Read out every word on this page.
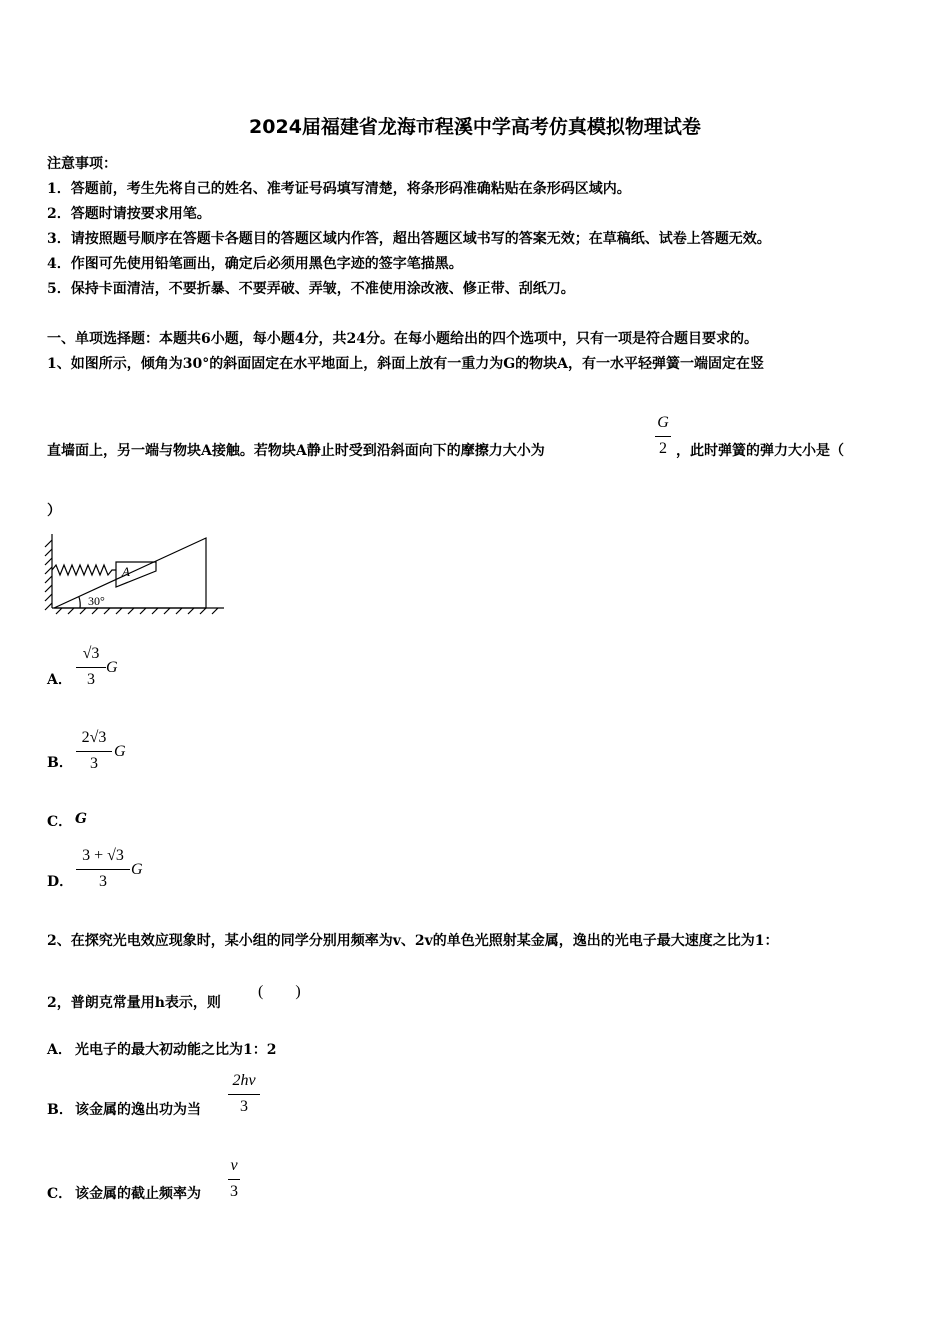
2024届福建省龙海市程溪中学高考仿真模拟物理试卷
注意事项：
1．答题前，考生先将自己的姓名、准考证号码填写清楚，将条形码准确粘贴在条形码区域内。
2．答题时请按要求用笔。
3．请按照题号顺序在答题卡各题目的答题区域内作答，超出答题区域书写的答案无效；在草稿纸、试卷上答题无效。
4．作图可先使用铅笔画出，确定后必须用黑色字迹的签字笔描黑。
5．保持卡面清洁，不要折暴、不要弄破、弄皱，不准使用涂改液、修正带、刮纸刀。
一、单项选择题：本题共6小题，每小题4分，共24分。在每小题给出的四个选项中，只有一项是符合题目要求的。
1、如图所示，倾角为30°的斜面固定在水平地面上，斜面上放有一重力为G的物块A，有一水平轻弹簧一端固定在竖
直墙面上，另一端与物块A接触。若物块A静止时受到沿斜面向下的摩擦力大小为
G
2 ，此时弹簧的弹力大小是（
）
A
30°
A．
√3
3
G
B．
2√3
3
G
C． G
D．
3 + √3
3
G
2、在探究光电效应现象时，某小组的同学分别用频率为v、2v的单色光照射某金属，逸出的光电子最大速度之比为1：
2，普朗克常量用h表示，则
(　　)
A． 光电子的最大初动能之比为1：2
B． 该金属的逸出功为当
2hv
3
C． 该金属的截止频率为
v
3
